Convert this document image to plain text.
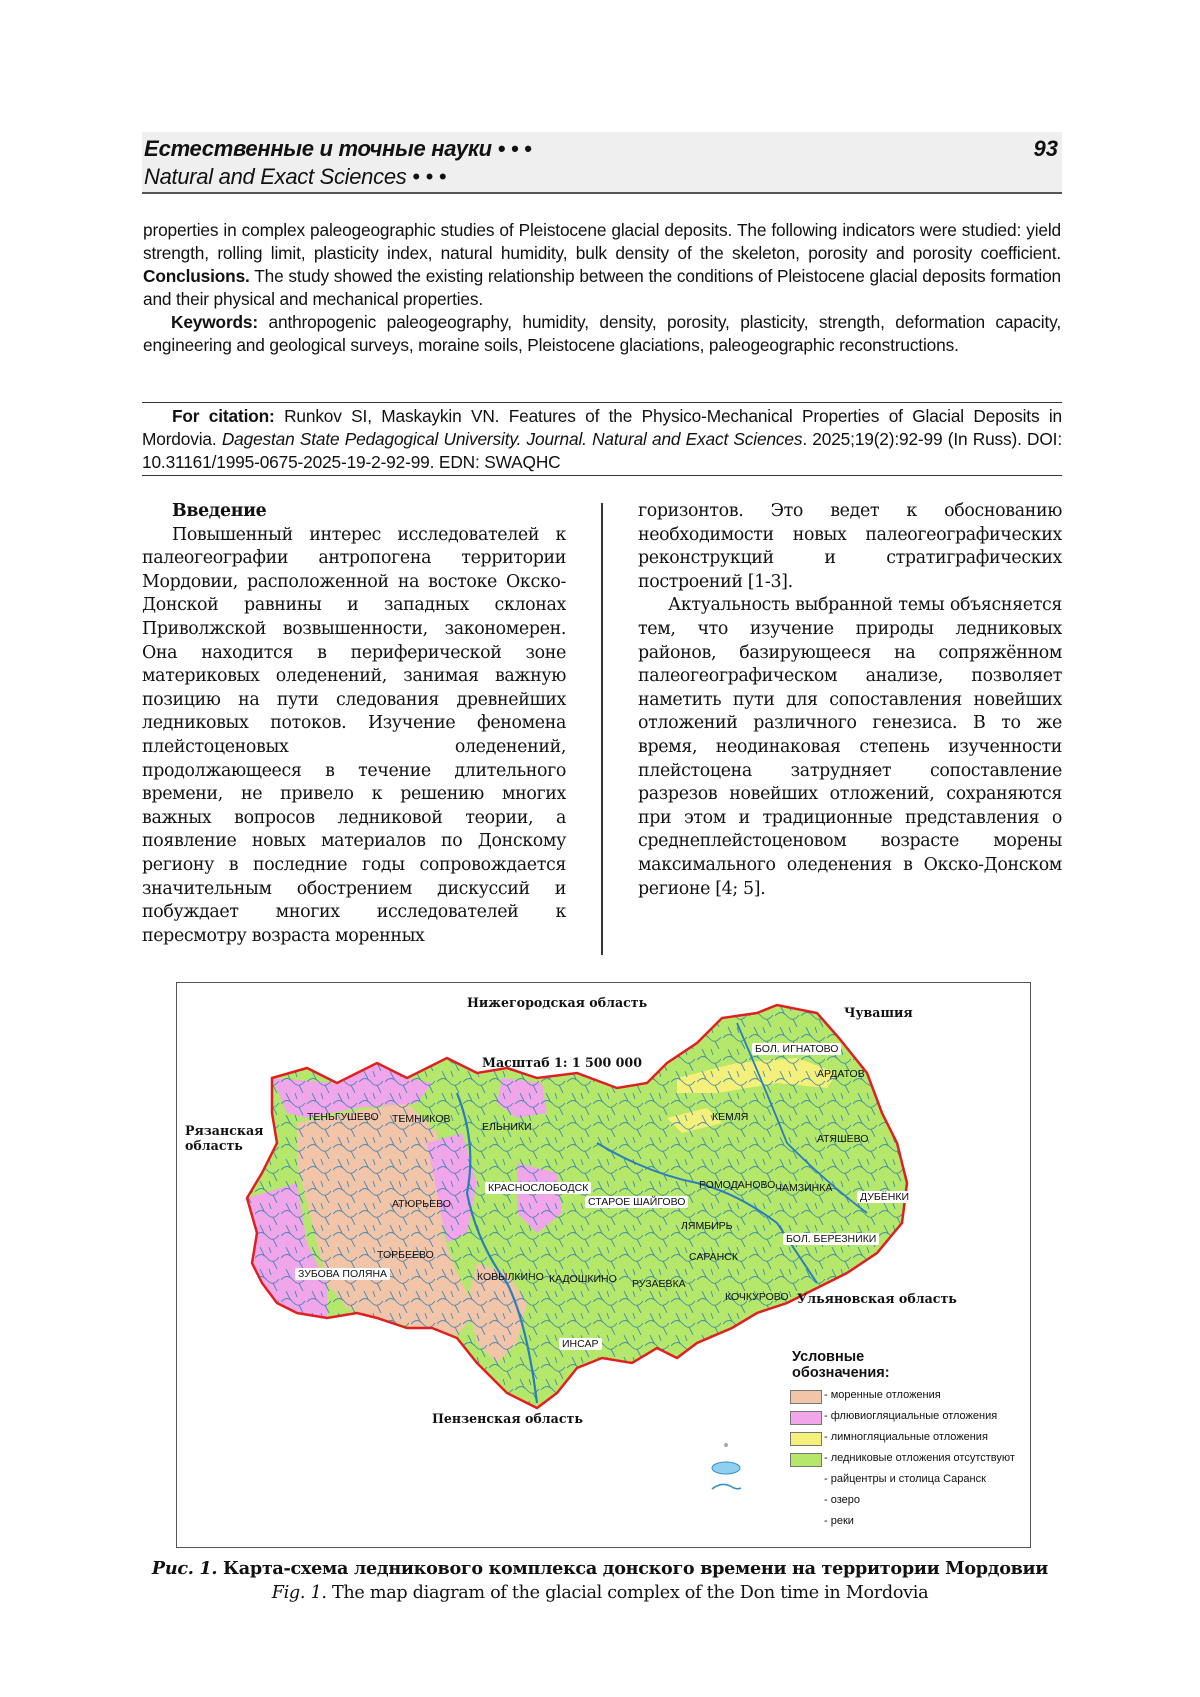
Естественные и точные науки • • •
Natural and Exact Sciences • • •
93

properties in complex paleogeographic studies of Pleistocene glacial deposits. The following indicators were studied: yield strength, rolling limit, plasticity index, natural humidity, bulk density of the skeleton, porosity and porosity coefficient. Conclusions. The study showed the existing relationship between the conditions of Pleistocene glacial deposits formation and their physical and mechanical properties.

Keywords: anthropogenic paleogeography, humidity, density, porosity, plasticity, strength, deformation capacity, engineering and geological surveys, moraine soils, Pleistocene glaciations, paleogeographic reconstructions.

For citation: Runkov SI, Maskaykin VN. Features of the Physico-Mechanical Properties of Glacial Deposits in Mordovia. Dagestan State Pedagogical University. Journal. Natural and Exact Sciences. 2025;19(2):92-99 (In Russ). DOI: 10.31161/1995-0675-2025-19-2-92-99. EDN: SWAQHC

Введение

Повышенный интерес исследователей к палеогеографии антропогена территории Мордовии, расположенной на востоке Окско-Донской равнины и западных склонах Приволжской возвышенности, закономерен. Она находится в периферической зоне материковых оледенений, занимая важную позицию на пути следования древнейших ледниковых потоков. Изучение феномена плейстоценовых оледенений, продолжающееся в течение длительного времени, не привело к решению многих важных вопросов ледниковой теории, а появление новых материалов по Донскому региону в последние годы сопровождается значительным обострением дискуссий и побуждает многих исследователей к пересмотру возраста моренных

горизонтов. Это ведет к обоснованию необходимости новых палеогеографических реконструкций и стратиграфических построений [1-3].

Актуальность выбранной темы объясняется тем, что изучение природы ледниковых районов, базирующееся на сопряжённом палеогеографическом анализе, позволяет наметить пути для сопоставления новейших отложений различного генезиса. В то же время, неодинаковая степень изученности плейстоцена затрудняет сопоставление разрезов новейших отложений, сохраняются при этом и традиционные представления о среднеплейстоценовом возрасте морены максимального оледенения в Окско-Донском регионе [4; 5].

Нижегородская область
Чувашия
Рязанская
область
Ульяновская область
Пензенская область
Масштаб 1: 1 500 000
БОЛ. ИГНАТОВО
АРДАТОВ
КЕМЛЯ
АТЯШЕВО
ТЕНЬГУШЕВО ТЕМНИКОВ
ЕЛЬНИКИ
РОМОДАНОВО ЧАМЗИНКА
ДУБЁНКИ
КРАСНОСЛОБОДСК
СТАРОЕ ШАЙГОВО
АТЮРЬЕВО
ЛЯМБИРЬ
БОЛ. БЕРЕЗНИКИ
ТОРБЕЕВО	САРАНСК
ЗУБОВА ПОЛЯНА	КОВЫЛКИНО КАДОШКИНО РУЗАЕВКА
КОЧКУРОВО
ИНСАР
Условные обозначения:
- моренные отложения
- флювиогляциальные отложения
- лимногляциальные отложения
- ледниковые отложения отсутствуют
- райцентры и столица Саранск
- озеро
- реки
Рис. 1. Карта-схема ледникового комплекса донского времени на территории Мордовии
Fig. 1. The map diagram of the glacial complex of the Don time in Mordovia
